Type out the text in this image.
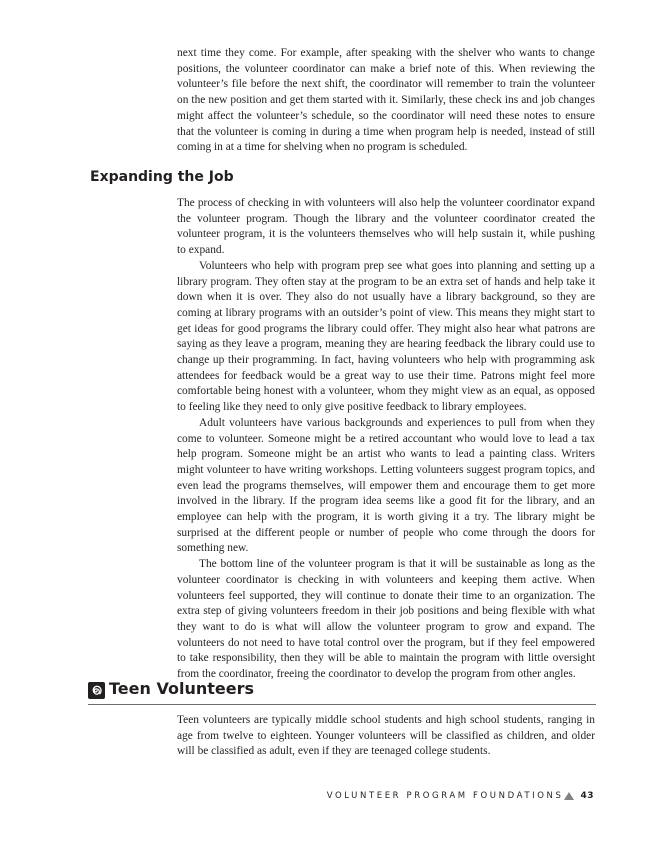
next time they come. For example, after speaking with the shelver who wants to change positions, the volunteer coordinator can make a brief note of this. When reviewing the volunteer’s file before the next shift, the coordinator will remember to train the volunteer on the new position and get them started with it. Similarly, these check ins and job changes might affect the volunteer’s schedule, so the coordinator will need these notes to ensure that the volunteer is coming in during a time when program help is needed, instead of still coming in at a time for shelving when no program is scheduled.

Expanding the Job

The process of checking in with volunteers will also help the volunteer coordinator expand the volunteer program. Though the library and the volunteer coordinator created the volunteer program, it is the volunteers themselves who will help sustain it, while pushing to expand.

Volunteers who help with program prep see what goes into planning and setting up a library program. They often stay at the program to be an extra set of hands and help take it down when it is over. They also do not usually have a library background, so they are coming at library programs with an outsider’s point of view. This means they might start to get ideas for good programs the library could offer. They might also hear what patrons are saying as they leave a program, meaning they are hearing feedback the library could use to change up their programming. In fact, having volunteers who help with programming ask attendees for feedback would be a great way to use their time. Patrons might feel more comfortable being honest with a volunteer, whom they might view as an equal, as opposed to feeling like they need to only give positive feedback to library employees.

Adult volunteers have various backgrounds and experiences to pull from when they come to volunteer. Someone might be a retired accountant who would love to lead a tax help program. Someone might be an artist who wants to lead a painting class. Writers might volunteer to have writing workshops. Letting volunteers suggest program topics, and even lead the programs themselves, will empower them and encourage them to get more involved in the library. If the program idea seems like a good fit for the library, and an employee can help with the program, it is worth giving it a try. The library might be surprised at the different people or number of people who come through the doors for something new.

The bottom line of the volunteer program is that it will be sustainable as long as the volunteer coordinator is checking in with volunteers and keeping them active. When volunteers feel supported, they will continue to donate their time to an organization. The extra step of giving volunteers freedom in their job positions and being flexible with what they want to do is what will allow the volunteer program to grow and expand. The volunteers do not need to have total control over the program, but if they feel empowered to take responsibility, then they will be able to maintain the program with little oversight from the coordinator, freeing the coordinator to develop the program from other angles.

Teen Volunteers

Teen volunteers are typically middle school students and high school students, ranging in age from twelve to eighteen. Younger volunteers will be classified as children, and older will be classified as adult, even if they are teenaged college students.

VOLUNTEER PROGRAM FOUNDATIONS 43
